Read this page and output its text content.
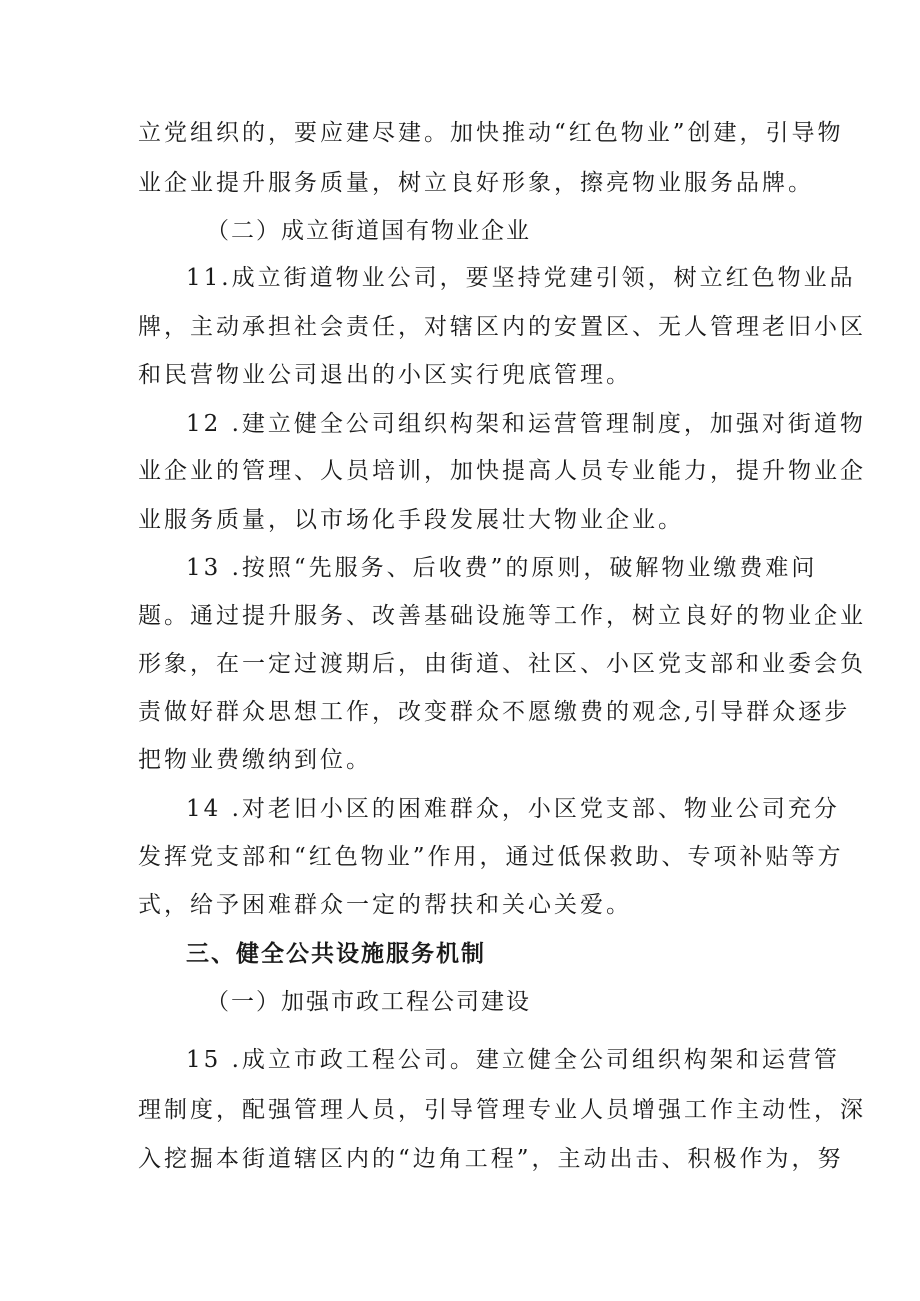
立党组织的，要应建尽建。加快推动“红色物业”创建，引导物
业企业提升服务质量，树立良好形象，擦亮物业服务品牌。
（二）成立街道国有物业企业
11.成立街道物业公司，要坚持党建引领，树立红色物业品
牌，主动承担社会责任，对辖区内的安置区、无人管理老旧小区
和民营物业公司退出的小区实行兜底管理。
12 .建立健全公司组织构架和运营管理制度，加强对街道物
业企业的管理、人员培训，加快提高人员专业能力，提升物业企
业服务质量，以市场化手段发展壮大物业企业。
13 .按照“先服务、后收费”的原则，破解物业缴费难问
题。通过提升服务、改善基础设施等工作，树立良好的物业企业
形象，在一定过渡期后，由街道、社区、小区党支部和业委会负
责做好群众思想工作，改变群众不愿缴费的观念,引导群众逐步
把物业费缴纳到位。
14 .对老旧小区的困难群众，小区党支部、物业公司充分
发挥党支部和“红色物业”作用，通过低保救助、专项补贴等方
式，给予困难群众一定的帮扶和关心关爱。
三、健全公共设施服务机制
（一）加强市政工程公司建设
15 .成立市政工程公司。建立健全公司组织构架和运营管
理制度，配强管理人员，引导管理专业人员增强工作主动性，深
入挖掘本街道辖区内的“边角工程”，主动出击、积极作为，努
